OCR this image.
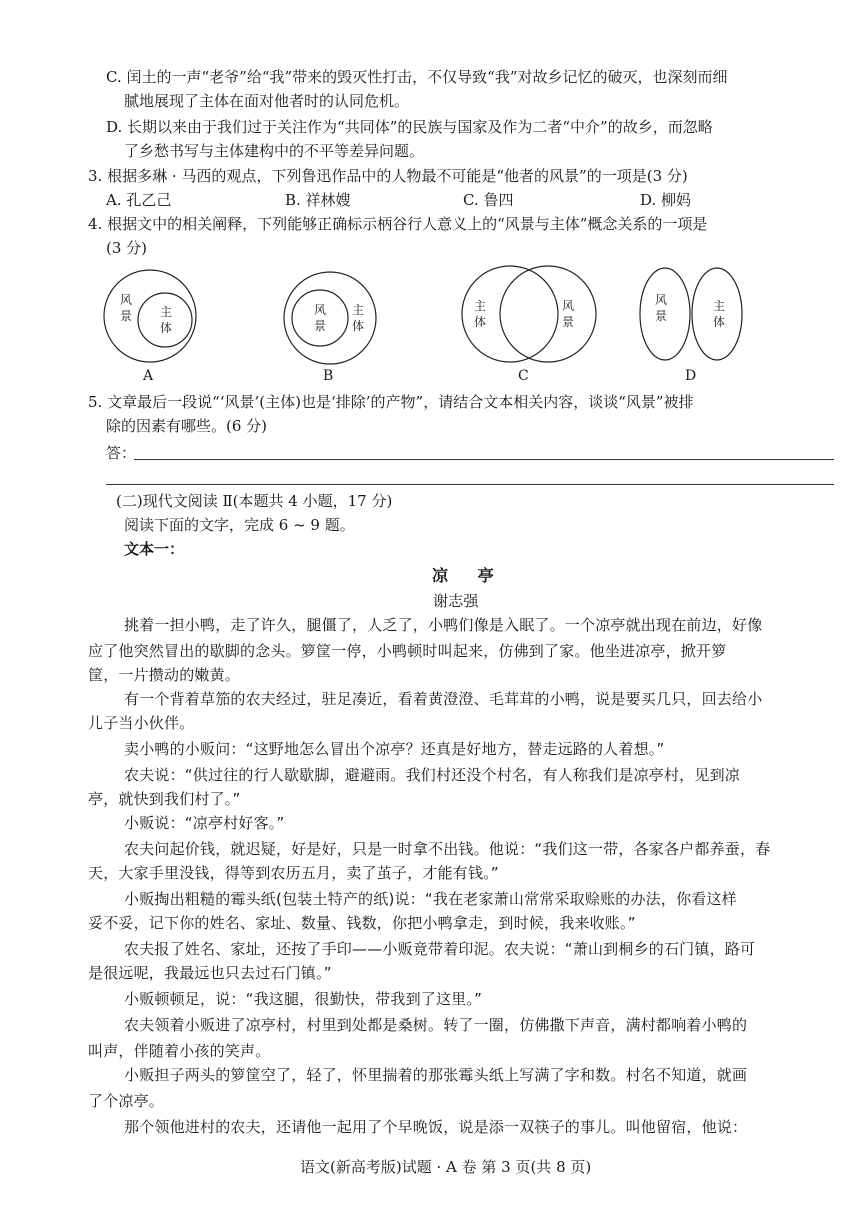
C. 闰土的一声“老爷”给“我”带来的毁灭性打击，不仅导致“我”对故乡记忆的破灭，也深刻而细
腻地展现了主体在面对他者时的认同危机。
D. 长期以来由于我们过于关注作为“共同体”的民族与国家及作为二者“中介”的故乡，而忽略
了乡愁书写与主体建构中的不平等差异问题。
3. 根据多琳 · 马西的观点，下列鲁迅作品中的人物最不可能是“他者的风景”的一项是(3 分)
A. 孔乙己	B. 祥林嫂	C. 鲁四	D. 柳妈
4. 根据文中的相关阐释，下列能够正确标示柄谷行人意义上的“风景与主体”概念关系的一项是
(3 分)
风
景 主
体
A
风
景
主
体
B
主
体
风
景
C
风
景
主
体
D
5. 文章最后一段说“‘风景’(主体)也是‘排除’的产物”，请结合文本相关内容，谈谈“风景”被排
除的因素有哪些。(6 分)
答：
(二)现代文阅读 Ⅱ(本题共 4 小题，17 分)
阅读下面的文字，完成 6 ~ 9 题。
文本一：
凉 亭
谢志强
挑着一担小鸭，走了许久，腿僵了，人乏了，小鸭们像是入眠了。一个凉亭就出现在前边，好像
应了他突然冒出的歇脚的念头。箩筐一停，小鸭顿时叫起来，仿佛到了家。他坐进凉亭，掀开箩
筐，一片攒动的嫩黄。
有一个背着草笳的农夫经过，驻足凑近，看着黄澄澄、毛茸茸的小鸭，说是要买几只，回去给小
儿子当小伙伴。
卖小鸭的小贩问：“这野地怎么冒出个凉亭？还真是好地方，替走远路的人着想。”
农夫说：“供过往的行人歇歇脚，避避雨。我们村还没个村名，有人称我们是凉亭村，见到凉
亭，就快到我们村了。”
小贩说：“凉亭村好客。”
农夫问起价钱，就迟疑，好是好，只是一时拿不出钱。他说：“我们这一带，各家各户都养蚕，春
天，大家手里没钱，得等到农历五月，卖了茧子，才能有钱。”
小贩掏出粗糙的霉头纸(包装土特产的纸)说：“我在老家萧山常常采取赊账的办法，你看这样
妥不妥，记下你的姓名、家址、数量、钱数，你把小鸭拿走，到时候，我来收账。”
农夫报了姓名、家址，还按了手印——小贩竟带着印泥。农夫说：“萧山到桐乡的石门镇，路可
是很远呢，我最远也只去过石门镇。”
小贩顿顿足，说：“我这腿，很勤快，带我到了这里。”
农夫领着小贩进了凉亭村，村里到处都是桑树。转了一圈，仿佛撒下声音，满村都响着小鸭的
叫声，伴随着小孩的笑声。
小贩担子两头的箩筐空了，轻了，怀里揣着的那张霉头纸上写满了字和数。村名不知道，就画
了个凉亭。
那个领他进村的农夫，还请他一起用了个早晚饭，说是添一双筷子的事儿。叫他留宿，他说：
语文(新高考版)试题 · A 卷 第 3 页(共 8 页)
